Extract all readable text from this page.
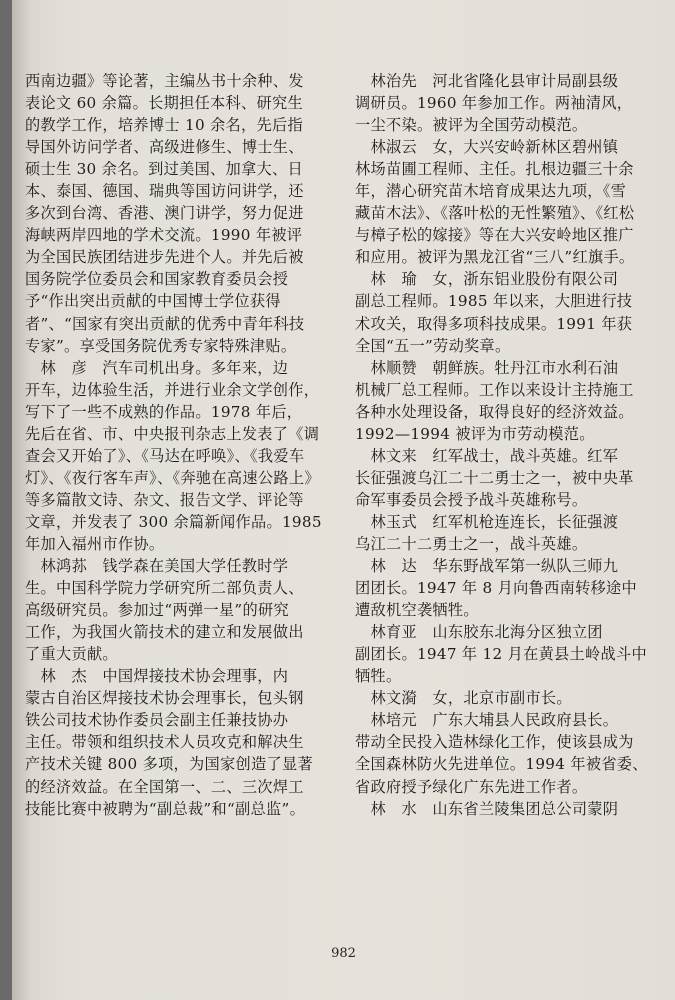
西南边疆》等论著，主编丛书十余种、发
表论文 60 余篇。长期担任本科、研究生
的教学工作，培养博士 10 余名，先后指
导国外访问学者、高级进修生、博士生、
硕士生 30 余名。到过美国、加拿大、日
本、泰国、德国、瑞典等国访问讲学，还
多次到台湾、香港、澳门讲学，努力促进
海峡两岸四地的学术交流。1990 年被评
为全国民族团结进步先进个人。并先后被
国务院学位委员会和国家教育委员会授
予“作出突出贡献的中国博士学位获得
者”、“国家有突出贡献的优秀中青年科技
专家”。享受国务院优秀专家特殊津贴。
　林　彦　汽车司机出身。多年来，边
开车，边体验生活，并进行业余文学创作，
写下了一些不成熟的作品。1978 年后，
先后在省、市、中央报刊杂志上发表了《调
查会又开始了》、《马达在呼唤》、《我爱车
灯》、《夜行客车声》、《奔驰在高速公路上》
等多篇散文诗、杂文、报告文学、评论等
文章，并发表了 300 余篇新闻作品。1985
年加入福州市作协。
　林鸿荪　钱学森在美国大学任教时学
生。中国科学院力学研究所二部负责人、
高级研究员。参加过“两弹一星”的研究
工作，为我国火箭技术的建立和发展做出
了重大贡献。
　林　杰　中国焊接技术协会理事，内
蒙古自治区焊接技术协会理事长，包头钢
铁公司技术协作委员会副主任兼技协办
主任。带领和组织技术人员攻克和解决生
产技术关键 800 多项，为国家创造了显著
的经济效益。在全国第一、二、三次焊工
技能比赛中被聘为“副总裁”和“副总监”。
　林治先　河北省隆化县审计局副县级
调研员。1960 年参加工作。两袖清风，
一尘不染。被评为全国劳动模范。
　林淑云　女，大兴安岭新林区碧州镇
林场苗圃工程师、主任。扎根边疆三十余
年，潜心研究苗木培育成果达九项，《雪
藏苗木法》、《落叶松的无性繁殖》、《红松
与樟子松的嫁接》等在大兴安岭地区推广
和应用。被评为黑龙江省“三八”红旗手。
　林　瑜　女，浙东铝业股份有限公司
副总工程师。1985 年以来，大胆进行技
术攻关，取得多项科技成果。1991 年获
全国“五一”劳动奖章。
　林顺赞　朝鲜族。牡丹江市水利石油
机械厂总工程师。工作以来设计主持施工
各种水处理设备，取得良好的经济效益。
1992—1994 被评为市劳动模范。
　林文来　红军战士，战斗英雄。红军
长征强渡乌江二十二勇士之一，被中央革
命军事委员会授予战斗英雄称号。
　林玉式　红军机枪连连长，长征强渡
乌江二十二勇士之一，战斗英雄。
　林　达　华东野战军第一纵队三师九
团团长。1947 年 8 月向鲁西南转移途中
遭敌机空袭牺牲。
　林育亚　山东胶东北海分区独立团
副团长。1947 年 12 月在黄县土岭战斗中
牺牲。
　林文漪　女，北京市副市长。
　林培元　广东大埔县人民政府县长。
带动全民投入造林绿化工作，使该县成为
全国森林防火先进单位。1994 年被省委、
省政府授予绿化广东先进工作者。
　林　水　山东省兰陵集团总公司蒙阴
982
